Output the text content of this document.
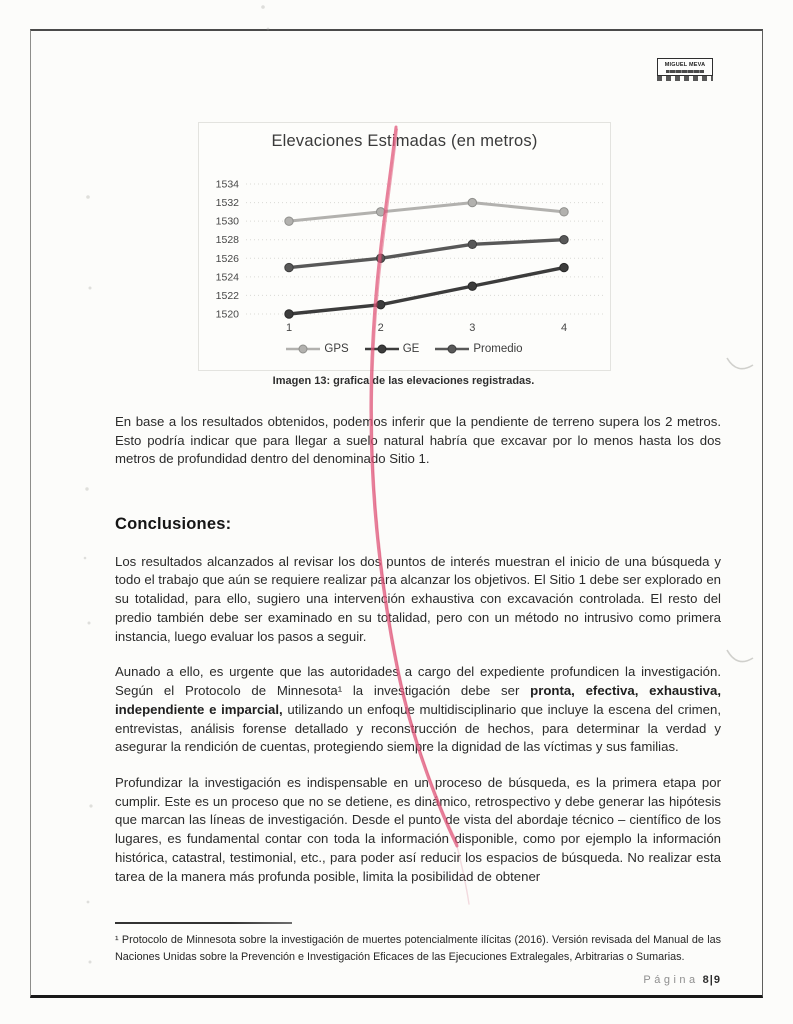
MIGUEL MEVA
Elevaciones Estimadas (en metros)
1520
1522
1524
1526
1528
1530
1532
1534
1	2	3	4
GPS	GE	Promedio
Imagen 13: grafica de las elevaciones registradas.

En base a los resultados obtenidos, podemos inferir que la pendiente de terreno supera los 2 metros. Esto podría indicar que para llegar a suelo natural habría que excavar por lo menos hasta los dos metros de profundidad dentro del denominado Sitio 1.

Conclusiones:

Los resultados alcanzados al revisar los dos puntos de interés muestran el inicio de una búsqueda y todo el trabajo que aún se requiere realizar para alcanzar los objetivos. El Sitio 1 debe ser explorado en su totalidad, para ello, sugiero una intervención exhaustiva con excavación controlada. El resto del predio también debe ser examinado en su totalidad, pero con un método no intrusivo como primera instancia, luego evaluar los pasos a seguir.

Aunado a ello, es urgente que las autoridades a cargo del expediente profundicen la investigación. Según el Protocolo de Minnesota¹ la investigación debe ser pronta, efectiva, exhaustiva, independiente e imparcial, utilizando un enfoque multidisciplinario que incluye la escena del crimen, entrevistas, análisis forense detallado y reconstrucción de hechos, para determinar la verdad y asegurar la rendición de cuentas, protegiendo siempre la dignidad de las víctimas y sus familias.

Profundizar la investigación es indispensable en un proceso de búsqueda, es la primera etapa por cumplir. Este es un proceso que no se detiene, es dinámico, retrospectivo y debe generar las hipótesis que marcan las líneas de investigación. Desde el punto de vista del abordaje técnico – científico de los lugares, es fundamental contar con toda la información disponible, como por ejemplo la información histórica, catastral, testimonial, etc., para poder así reducir los espacios de búsqueda. No realizar esta tarea de la manera más profunda posible, limita la posibilidad de obtener

¹ Protocolo de Minnesota sobre la investigación de muertes potencialmente ilícitas (2016). Versión revisada del Manual de las Naciones Unidas sobre la Prevención e Investigación Eficaces de las Ejecuciones Extralegales, Arbitrarias o Sumarias.
Página 8|9
